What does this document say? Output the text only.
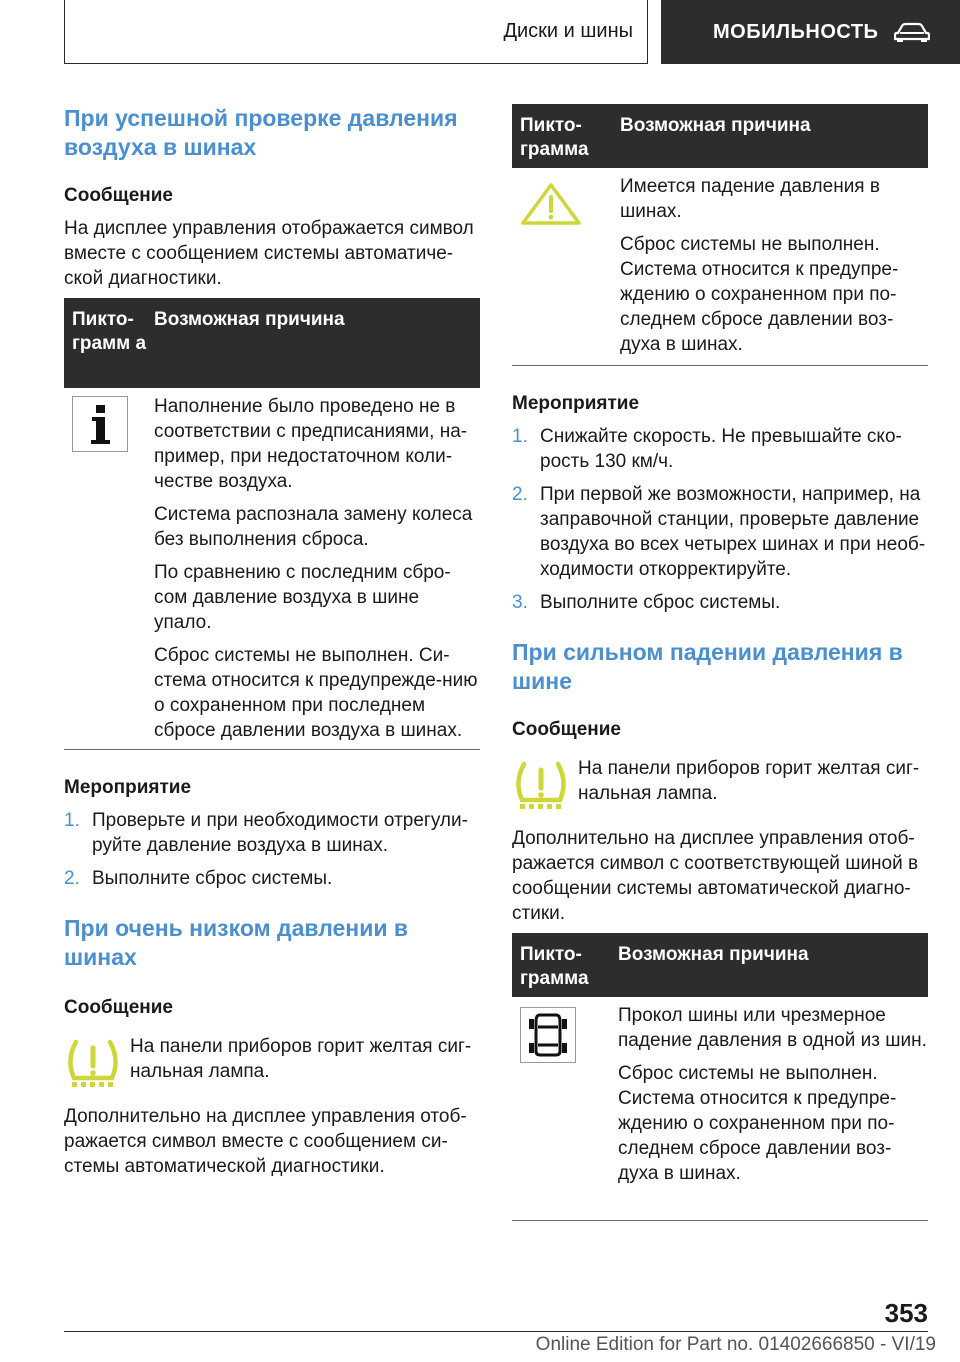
Диски и шины	МОБИЛЬНОСТЬ
При успешной проверке давления воздуха в шинах
Сообщение

На дисплее управления отображается символ вместе с сообщением системы автоматиче-ской диагностики.

Пикто-грамм а
Возможная причина

Наполнение было проведено не в соответствии с предписаниями, на-пример, при недостаточном коли-честве воздуха.

Система распознала замену колеса без выполнения сброса.

По сравнению с последним сбро-сом давление воздуха в шине упало.

Сброс системы не выполнен. Си-стема относится к предупрежде-нию о сохраненном при последнем сбросе давлении воздуха в шинах.

Мероприятие
1. Проверьте и при необходимости отрегули-руйте давление воздуха в шинах.
2. Выполните сброс системы.
При очень низком давлении в шинах
Сообщение

На панели приборов горит желтая сиг-нальная лампа.

Дополнительно на дисплее управления отоб-ражается символ вместе с сообщением си-стемы автоматической диагностики.

Пикто-грамма
Возможная причина

Имеется падение давления в шинах.

Сброс системы не выполнен. Система относится к предупре-ждению о сохраненном при по-следнем сбросе давлении воз-духа в шинах.

Мероприятие
1. Снижайте скорость. Не превышайте ско-рость 130 км/ч.
2. При первой же возможности, например, на заправочной станции, проверьте давление воздуха во всех четырех шинах и при необ-ходимости откорректируйте.
3. Выполните сброс системы.
При сильном падении давления в шине
Сообщение

На панели приборов горит желтая сиг-нальная лампа.

Дополнительно на дисплее управления отоб-ражается символ с соответствующей шиной в сообщении системы автоматической диагно-стики.

Пикто-грамма
Возможная причина

Прокол шины или чрезмерное падение давления в одной из шин.

Сброс системы не выполнен. Система относится к предупре-ждению о сохраненном при по-следнем сбросе давлении воз-духа в шинах.

353
Online Edition for Part no. 01402666850 - VI/19
